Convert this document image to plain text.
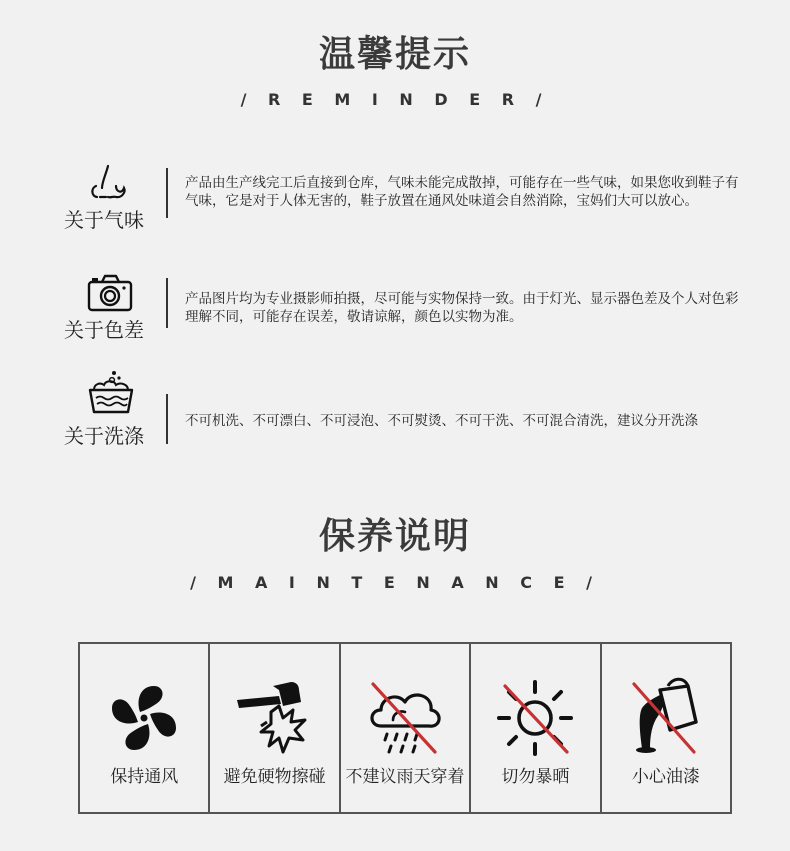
温馨提示
/ R E M I N D E R /
关于气味
产品由生产线完工后直接到仓库，气味未能完成散掉，可能存在一些气味，如果您收到鞋子有气味，它是对于人体无害的，鞋子放置在通风处味道会自然消除，宝妈们大可以放心。
关于色差
产品图片均为专业摄影师拍摄，尽可能与实物保持一致。由于灯光、显示器色差及个人对色彩理解不同，可能存在误差，敬请谅解，颜色以实物为准。
关于洗涤
不可机洗、不可漂白、不可浸泡、不可熨烫、不可干洗、不可混合清洗，建议分开洗涤
保养说明
/ M A I N T E N A N C E /
保持通风	避免硬物擦碰	不建议雨天穿着	切勿暴晒	小心油漆
